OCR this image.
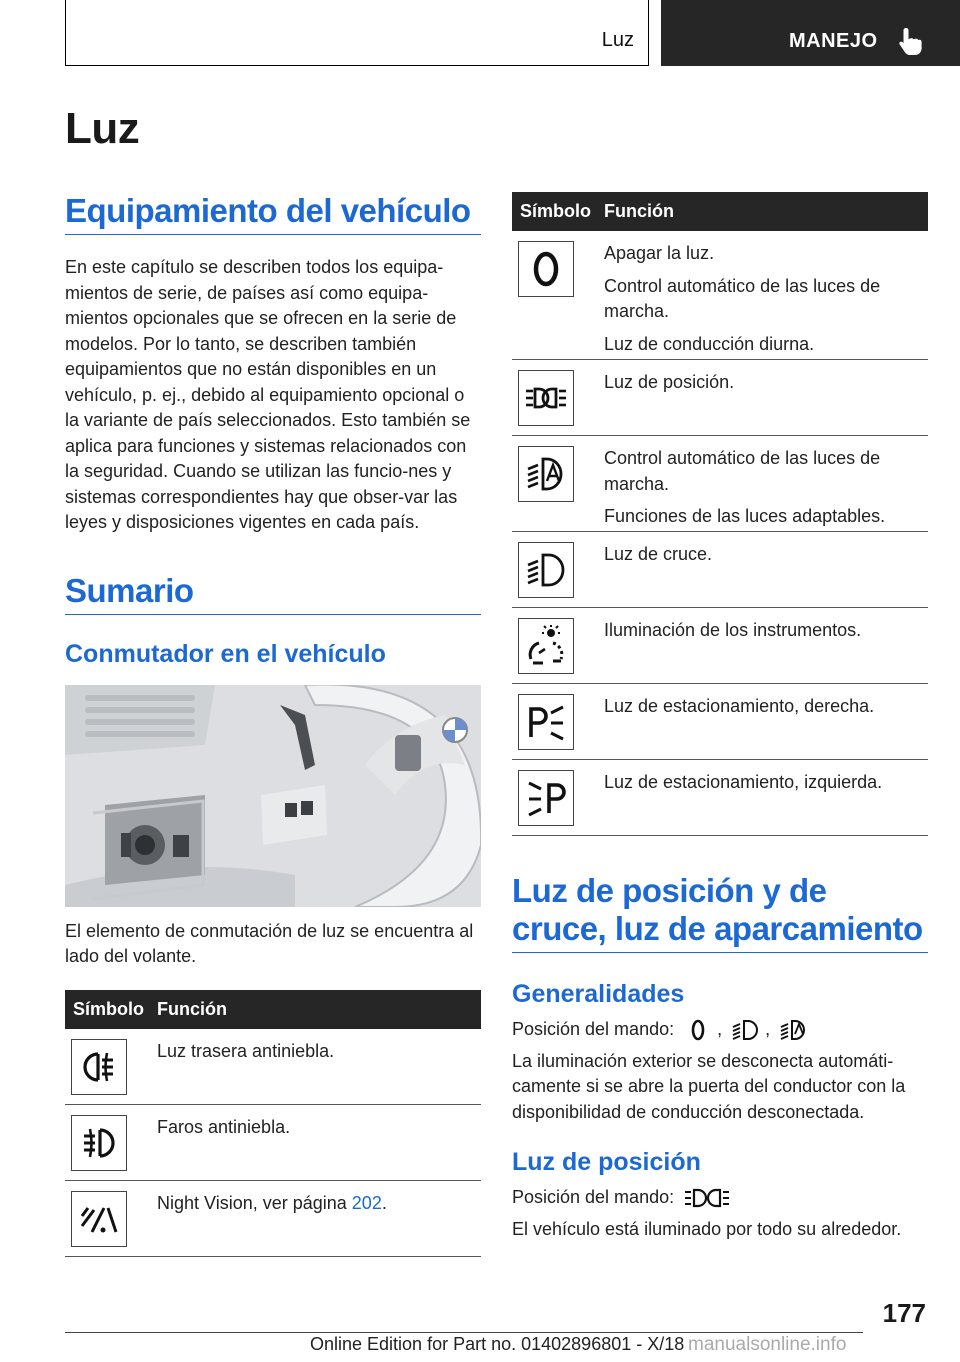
Luz	MANEJO
Luz
Equipamiento del vehículo

En este capítulo se describen todos los equipa-mientos de serie, de países así como equipa-mientos opcionales que se ofrecen en la serie de modelos. Por lo tanto, se describen también equipamientos que no están disponibles en un vehículo, p. ej., debido al equipamiento opcional o la variante de país seleccionados. Esto también se aplica para funciones y sistemas relacionados con la seguridad. Cuando se utilizan las funcio-nes y sistemas correspondientes hay que obser-var las leyes y disposiciones vigentes en cada país.

Sumario
Conmutador en el vehículo

El elemento de conmutación de luz se encuentra al lado del volante.

Símbolo Función

Luz trasera antiniebla.

Faros antiniebla.

Night Vision, ver página 202.

Símbolo Función

Apagar la luz.

Control automático de las luces de marcha.

Luz de conducción diurna.

Luz de posición.

Control automático de las luces de marcha.

Funciones de las luces adaptables.

Luz de cruce.

Iluminación de los instrumentos.

Luz de estacionamiento, derecha.

Luz de estacionamiento, izquierda.

Luz de posición y de cruce, luz de aparcamiento
Generalidades

Posición del mando: , ,

La iluminación exterior se desconecta automáti-camente si se abre la puerta del conductor con la disponibilidad de conducción desconectada.

Luz de posición

Posición del mando:

El vehículo está iluminado por todo su alrededor.

177
Online Edition for Part no. 01402896801 - X/18 manualsonline.info
